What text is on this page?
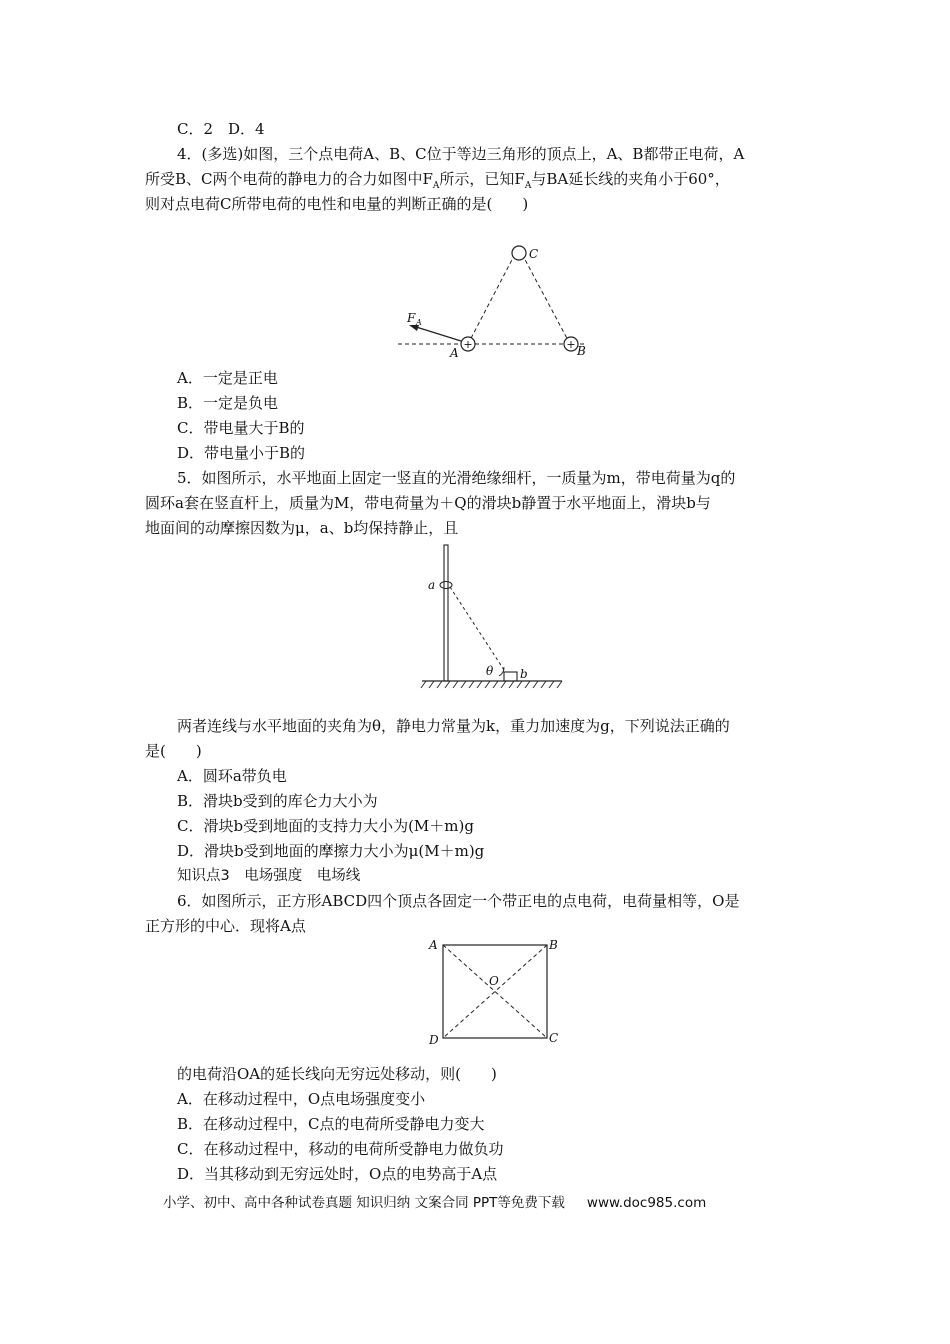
C．2　D．4
4．(多选)如图，三个点电荷A、B、C位于等边三角形的顶点上，A、B都带正电荷，A
所受B、C两个电荷的静电力的合力如图中$F_A$所示，已知$F_A$与BA延长线的夹角小于60°，
则对点电荷C所带电荷的电性和电量的判断正确的是(　　)
C
F A
+
A
+ B
A．一定是正电
B．一定是负电
C．带电量大于B的
D．带电量小于B的
5．如图所示，水平地面上固定一竖直的光滑绝缘细杆，一质量为m，带电荷量为q的
圆环a套在竖直杆上，质量为M，带电荷量为＋Q的滑块b静置于水平地面上，滑块b与
地面间的动摩擦因数为μ，a、b均保持静止，且
a
θ b
两者连线与水平地面的夹角为θ，静电力常量为k，重力加速度为g，下列说法正确的
是(　　)
A．圆环a带负电
B．滑块b受到的库仑力大小为
C．滑块b受到地面的支持力大小为(M＋m)g
D．滑块b受到地面的摩擦力大小为μ(M＋m)g
知识点3　电场强度　电场线
6．如图所示，正方形ABCD四个顶点各固定一个带正电的点电荷，电荷量相等，O是
正方形的中心．现将A点
A	B
C
D
O
的电荷沿OA的延长线向无穷远处移动，则(　　)
A．在移动过程中，O点电场强度变小
B．在移动过程中，C点的电荷所受静电力变大
C．在移动过程中，移动的电荷所受静电力做负功
D．当其移动到无穷远处时，O点的电势高于A点
小学、初中、高中各种试卷真题 知识归纳 文案合同 PPT等免费下载 www.doc985.com
